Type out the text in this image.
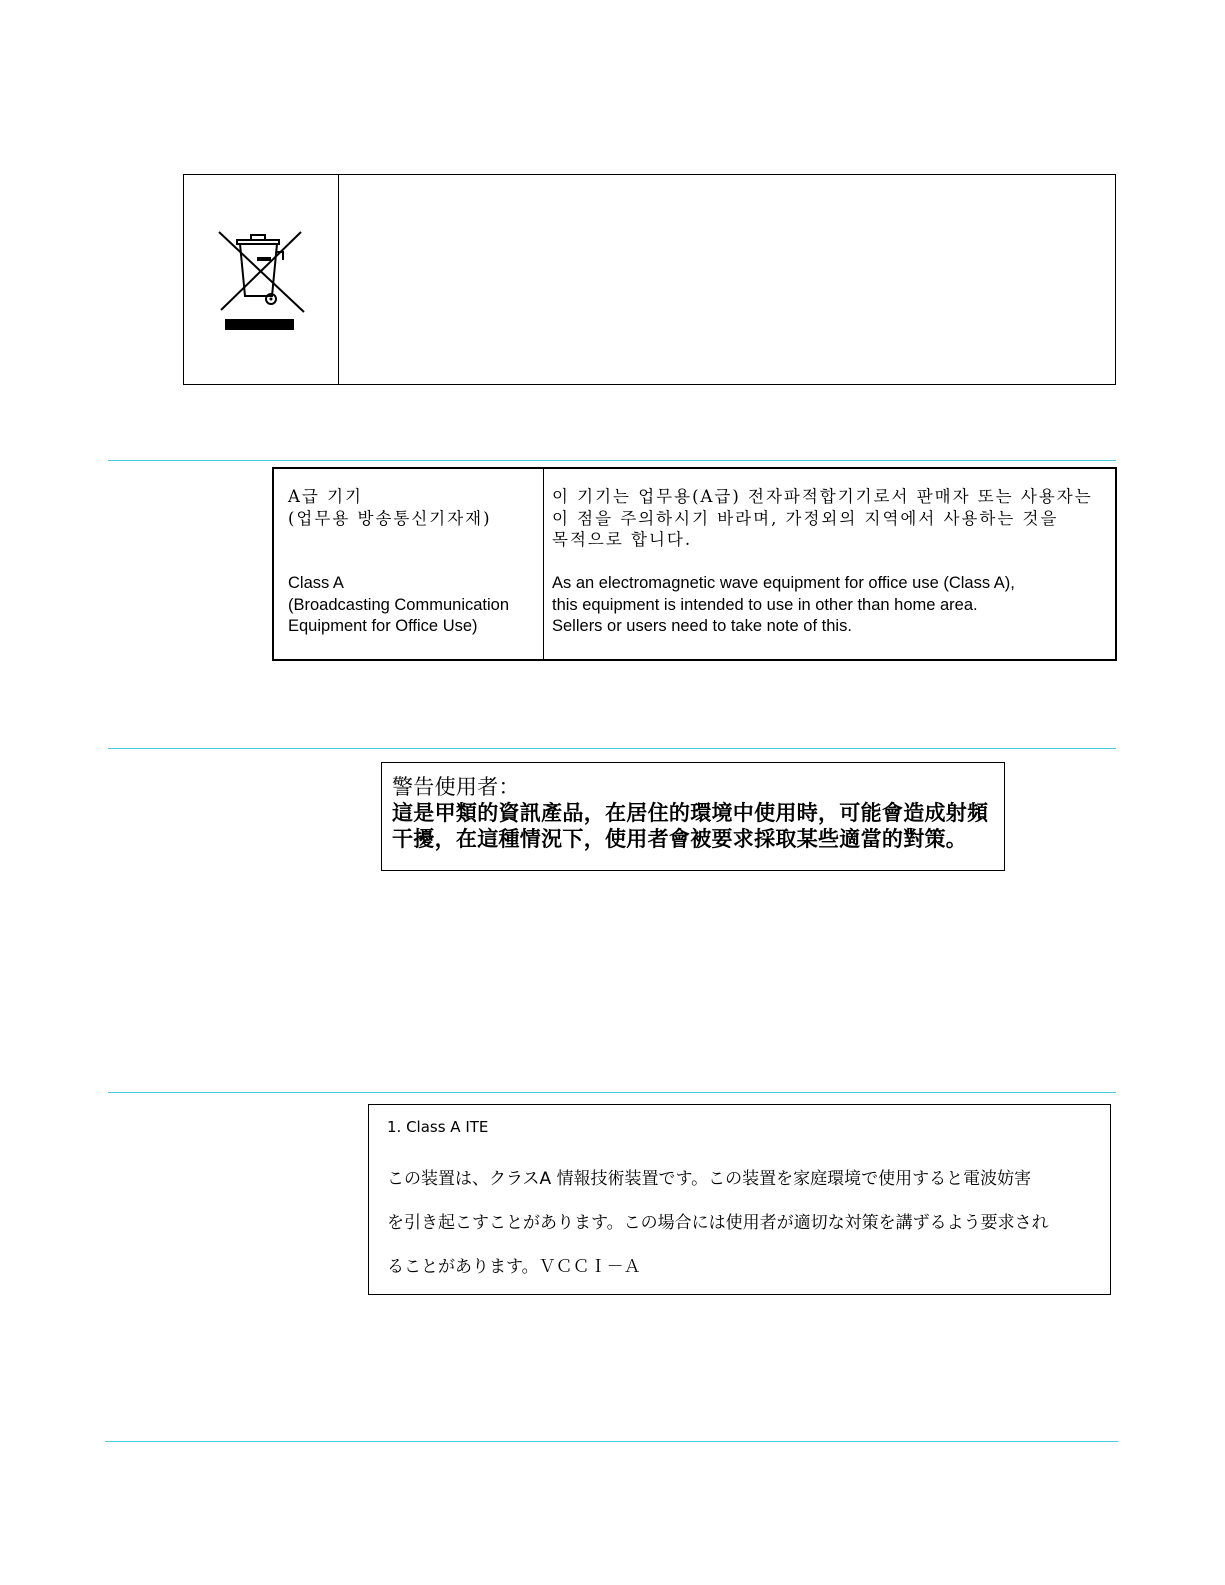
A급 기기
(업무용 방송통신기자재)
Class A
(Broadcasting Communication
Equipment for Office Use)
이 기기는 업무용(A급) 전자파적합기기로서 판매자 또는 사용자는
이 점을 주의하시기 바라며, 가정외의 지역에서 사용하는 것을
목적으로 합니다.
As an electromagnetic wave equipment for office use (Class A),
this equipment is intended to use in other than home area.
Sellers or users need to take note of this.
警告使用者：
這是甲類的資訊產品，在居住的環境中使用時，可能會造成射頻
干擾，在這種情況下，使用者會被要求採取某些適當的對策。
1. Class A ITE
この装置は、クラスA 情報技術装置です。この装置を家庭環境で使用すると電波妨害
を引き起こすことがあります。この場合には使用者が適切な対策を講ずるよう要求され
ることがあります。ＶＣＣＩ－Ａ
